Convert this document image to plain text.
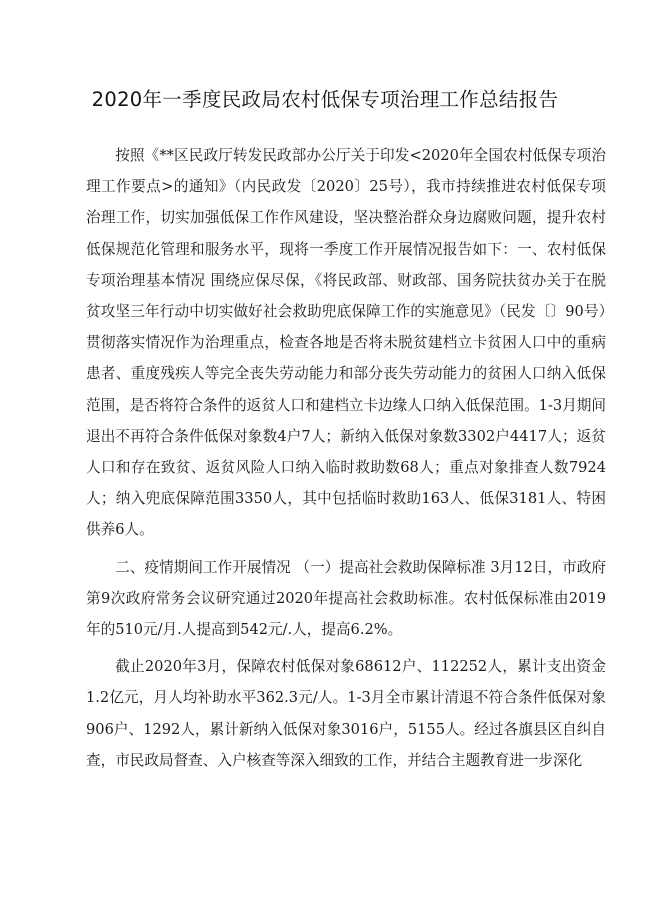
2020年一季度民政局农村低保专项治理工作总结报告

按照《**区民政厅转发民政部办公厅关于印发<2020年全国农村低保专项治理工作要点>的通知》（内民政发〔2020〕25号），我市持续推进农村低保专项治理工作，切实加强低保工作作风建设，坚决整治群众身边腐败问题，提升农村低保规范化管理和服务水平，现将一季度工作开展情况报告如下：一、农村低保专项治理基本情况 围绕应保尽保，《将民政部、财政部、国务院扶贫办关于在脱贫攻坚三年行动中切实做好社会救助兜底保障工作的实施意见》（民发〔〕90号）贯彻落实情况作为治理重点，检查各地是否将未脱贫建档立卡贫困人口中的重病患者、重度残疾人等完全丧失劳动能力和部分丧失劳动能力的贫困人口纳入低保范围，是否将符合条件的返贫人口和建档立卡边缘人口纳入低保范围。1-3月期间退出不再符合条件低保对象数4户7人；新纳入低保对象数3302户4417人；返贫人口和存在致贫、返贫风险人口纳入临时救助数68人；重点对象排查人数7924人；纳入兜底保障范围3350人，其中包括临时救助163人、低保3181人、特困供养6人。

二、疫情期间工作开展情况 （一）提高社会救助保障标准 3月12日，市政府第9次政府常务会议研究通过2020年提高社会救助标准。农村低保标准由2019年的510元/月.人提高到542元/.人，提高6.2%。

截止2020年3月，保障农村低保对象68612户、112252人，累计支出资金1.2亿元，月人均补助水平362.3元/人。1-3月全市累计清退不符合条件低保对象906户、1292人，累计新纳入低保对象3016户，5155人。经过各旗县区自纠自查，市民政局督查、入户核查等深入细致的工作，并结合主题教育进一步深化
